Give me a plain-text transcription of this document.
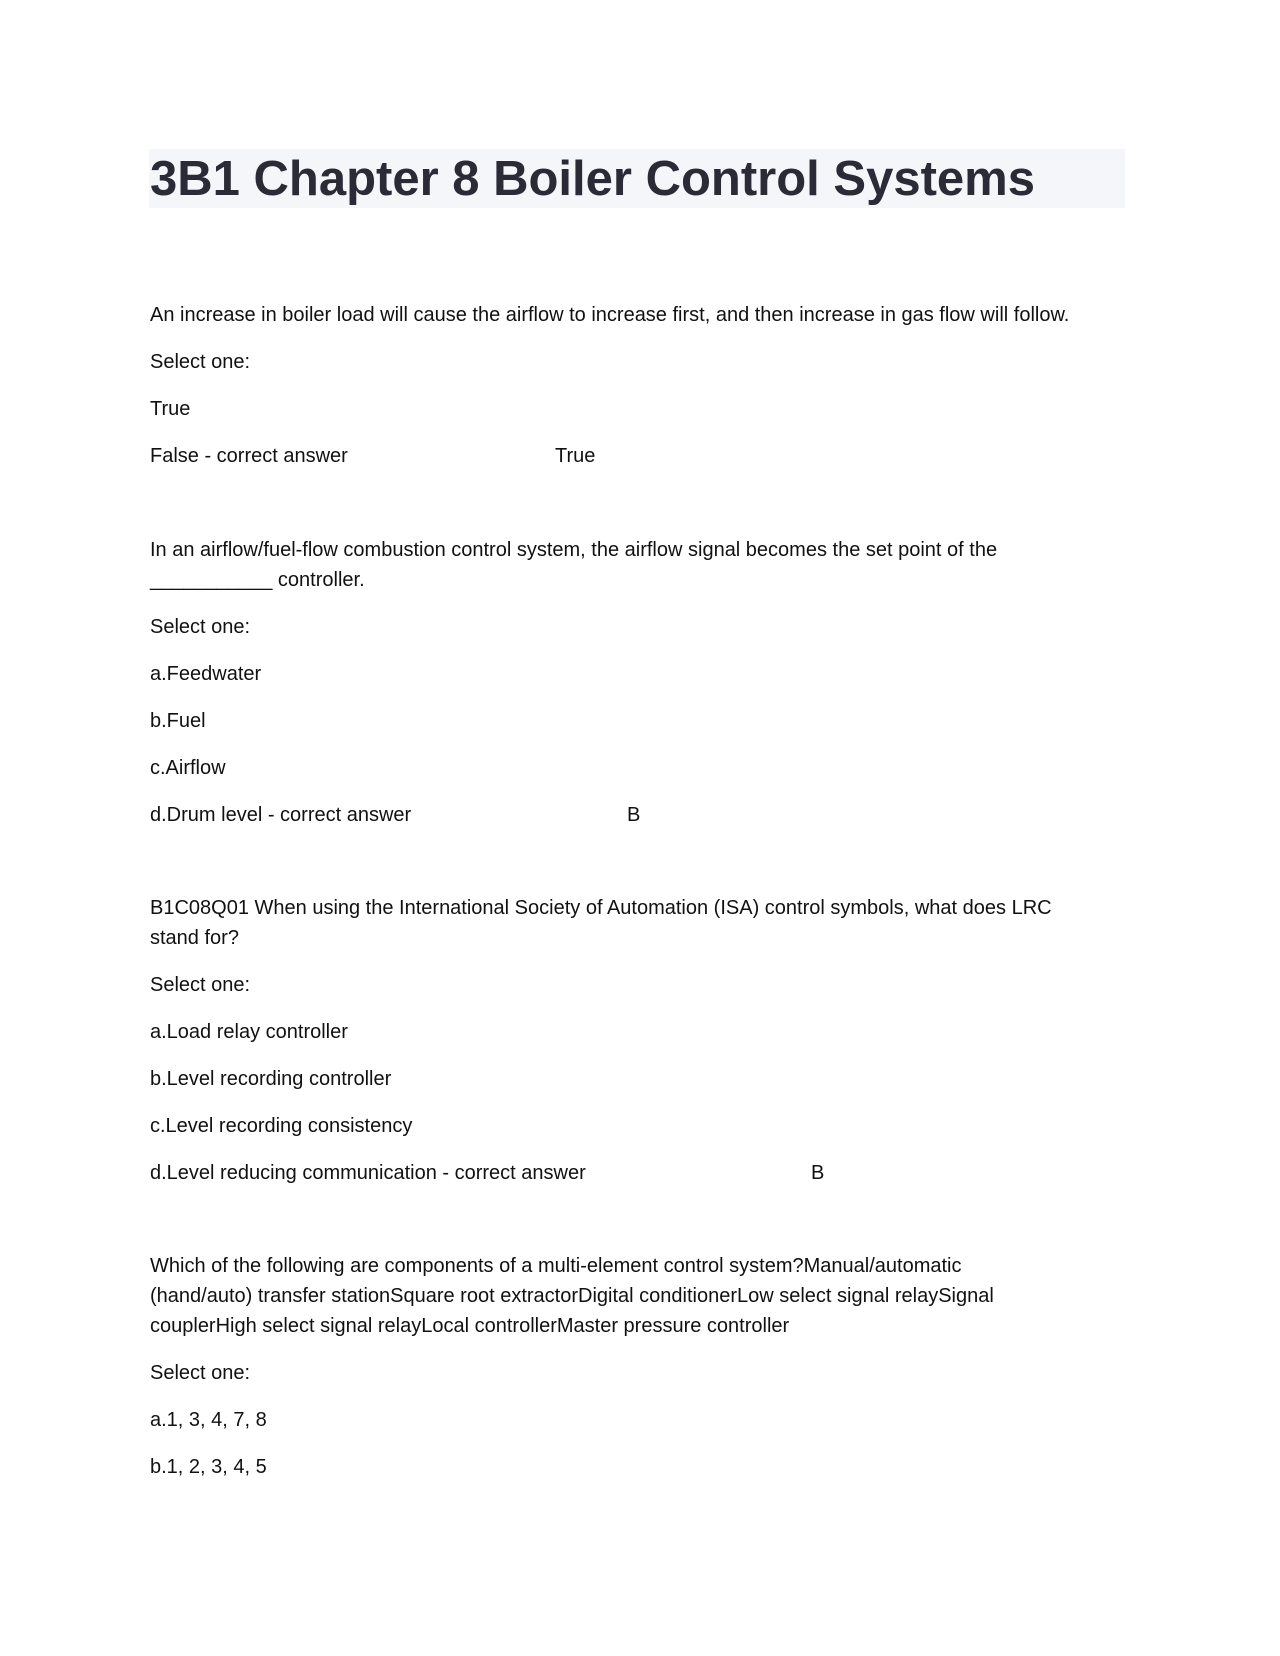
3B1 Chapter 8 Boiler Control Systems

An increase in boiler load will cause the airflow to increase first, and then increase in gas flow will follow.

Select one:

True

False - correct answer	True

In an airflow/fuel-flow combustion control system, the airflow signal becomes the set point of the

___________ controller.

Select one:

a.Feedwater

b.Fuel

c.Airflow

d.Drum level - correct answer	B

B1C08Q01 When using the International Society of Automation (ISA) control symbols, what does LRC

stand for?

Select one:

a.Load relay controller

b.Level recording controller

c.Level recording consistency

d.Level reducing communication - correct answer	B

Which of the following are components of a multi-element control system?Manual/automatic

(hand/auto) transfer stationSquare root extractorDigital conditionerLow select signal relaySignal

couplerHigh select signal relayLocal controllerMaster pressure controller

Select one:

a.1, 3, 4, 7, 8

b.1, 2, 3, 4, 5
